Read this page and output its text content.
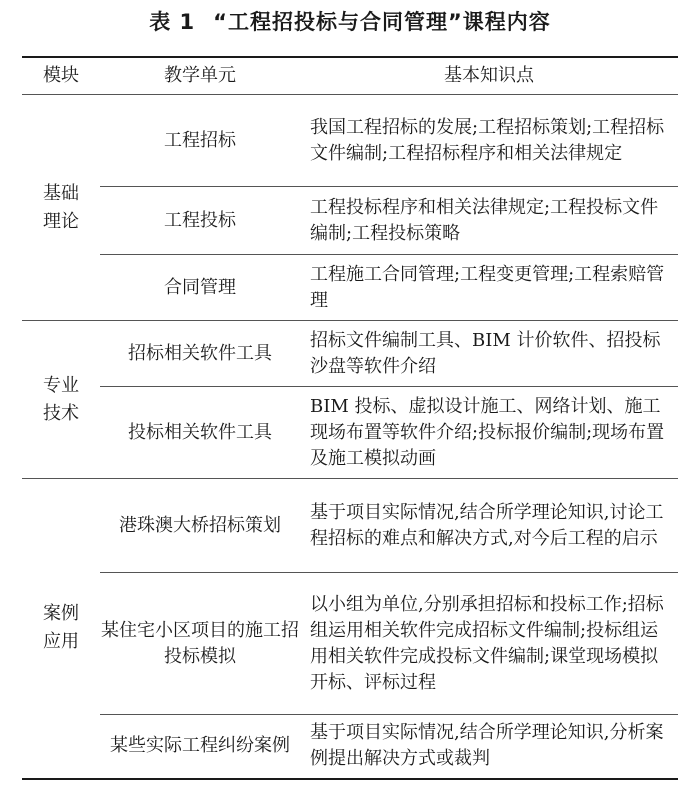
表 1 “工程招投标与合同管理”课程内容
模块	教学单元	基本知识点
基础理论	工程招标	我国工程招标的发展;工程招标策划;工程招标文件编制;工程招标程序和相关法律规定
	工程投标	工程投标程序和相关法律规定;工程投标文件编制;工程投标策略
	合同管理	工程施工合同管理;工程变更管理;工程索赔管理
专业技术	招标相关软件工具	招标文件编制工具、BIM 计价软件、招投标沙盘等软件介绍
	投标相关软件工具	BIM 投标、虚拟设计施工、网络计划、施工现场布置等软件介绍;投标报价编制;现场布置及施工模拟动画
案例应用	港珠澳大桥招标策划	基于项目实际情况,结合所学理论知识,讨论工程招标的难点和解决方式,对今后工程的启示
	某住宅小区项目的施工招投标模拟	以小组为单位,分别承担招标和投标工作;招标组运用相关软件完成招标文件编制;投标组运用相关软件完成投标文件编制;课堂现场模拟开标、评标过程
	某些实际工程纠纷案例	基于项目实际情况,结合所学理论知识,分析案例提出解决方式或裁判
